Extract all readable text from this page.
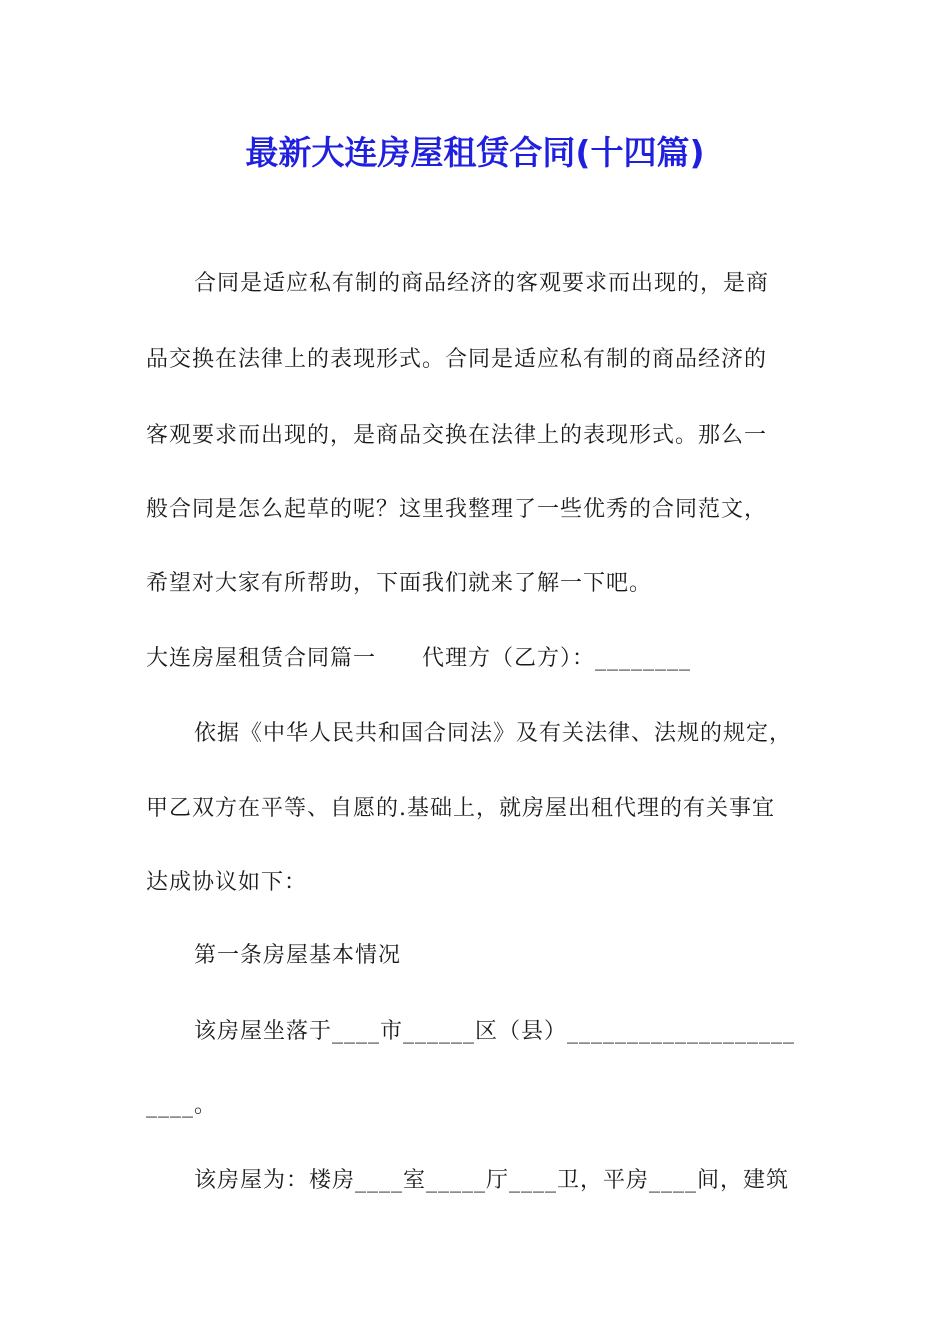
最新大连房屋租赁合同(十四篇)

合同是适应私有制的商品经济的客观要求而出现的，是商

品交换在法律上的表现形式。合同是适应私有制的商品经济的

客观要求而出现的，是商品交换在法律上的表现形式。那么一

般合同是怎么起草的呢？这里我整理了一些优秀的合同范文，

希望对大家有所帮助，下面我们就来了解一下吧。

大连房屋租赁合同篇一　　代理方（乙方）：________

依据《中华人民共和国合同法》及有关法律、法规的规定，

甲乙双方在平等、自愿的.基础上，就房屋出租代理的有关事宜

达成协议如下：

第一条房屋基本情况

该房屋坐落于____市______区（县）___________________

____。

该房屋为：楼房____室_____厅____卫，平房____间，建筑
